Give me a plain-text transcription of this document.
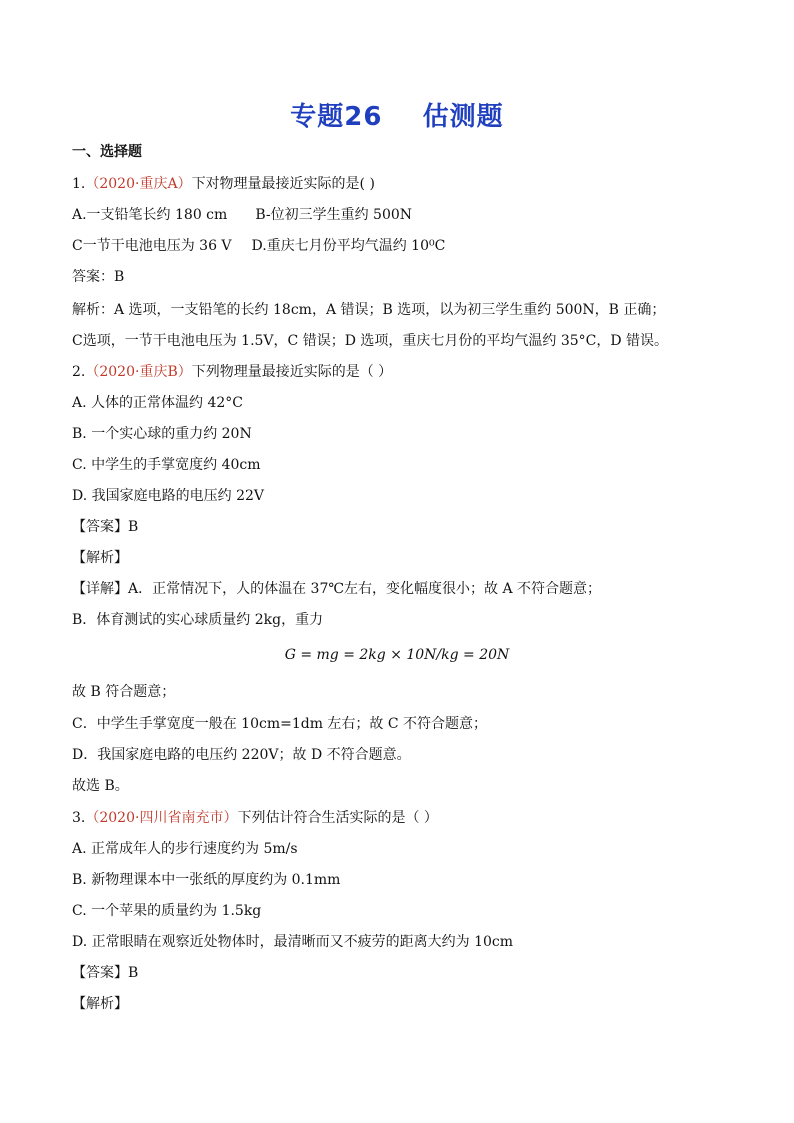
专题26    估测题
一、选择题
1.（2020·重庆A）下对物理量最接近实际的是( )
A.一支铅笔长约 180 cm B-位初三学生重约 500N
C一节干电池电压为 36 V D.重庆七月份平均气温约 10⁰C
答案：B
解析：A 选项，一支铅笔的长约 18cm，A 错误；B 选项，以为初三学生重约 500N，B 正确；
C选项，一节干电池电压为 1.5V，C 错误；D 选项，重庆七月份的平均气温约 35°C，D 错误。
2.（2020·重庆B）下列物理量最接近实际的是（ ）
A. 人体的正常体温约 42°C
B. 一个实心球的重力约 20N
C. 中学生的手掌宽度约 40cm
D. 我国家庭电路的电压约 22V
【答案】B
【解析】
【详解】A．正常情况下，人的体温在 37℃左右，变化幅度很小；故 A 不符合题意；
B．体育测试的实心球质量约 2kg，重力
G = mg = 2kg × 10N/kg = 20N
故 B 符合题意；
C．中学生手掌宽度一般在 10cm=1dm 左右；故 C 不符合题意；
D．我国家庭电路的电压约 220V；故 D 不符合题意。
故选 B。
3.（2020·四川省南充市）下列估计符合生活实际的是（ ）
A. 正常成年人的步行速度约为 5m/s
B. 新物理课本中一张纸的厚度约为 0.1mm
C. 一个苹果的质量约为 1.5kg
D. 正常眼睛在观察近处物体时，最清晰而又不疲劳的距离大约为 10cm
【答案】B
【解析】
